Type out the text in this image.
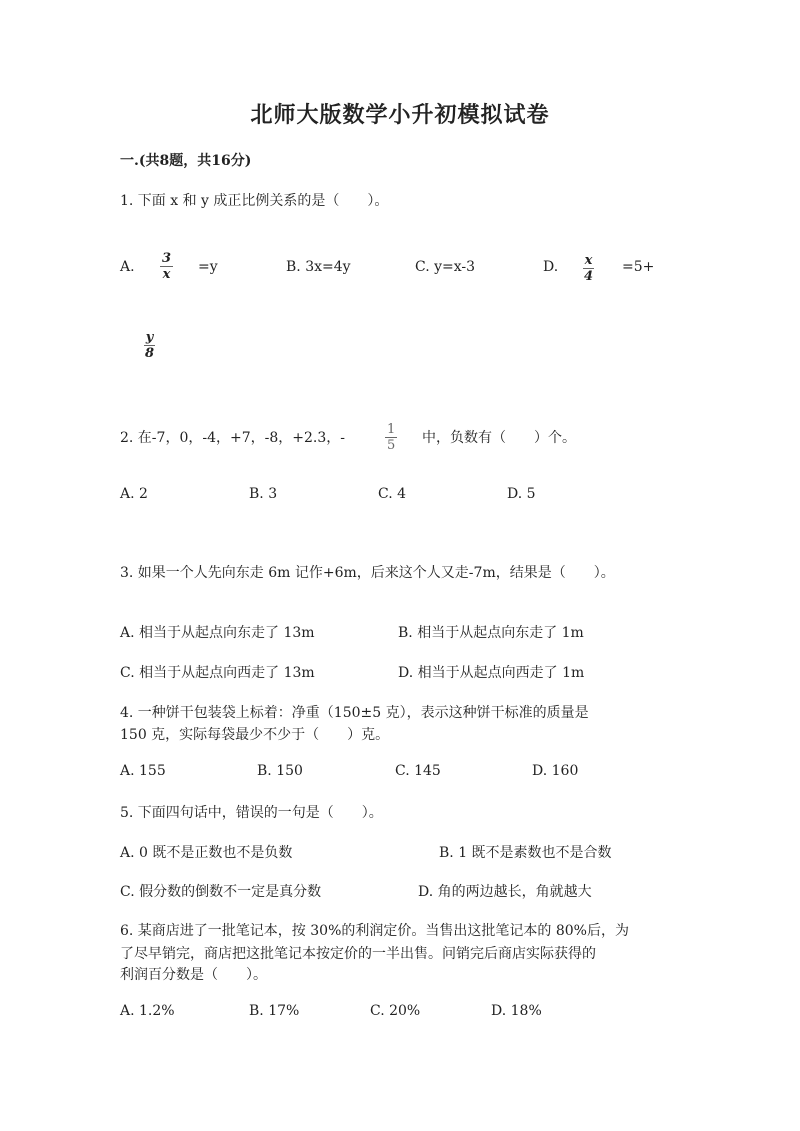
北师大版数学小升初模拟试卷
一.(共8题，共16分)
1. 下面 x 和 y 成正比例关系的是（　　）。
A. $\frac{3}{x} =y$	B. 3x=4y	C. y=x-3	D. $\frac{x}{4} =5+$
$\frac{y}{8}$
2. 在-7，0，-4，+7，-8，+2.3，-	$\frac{1}{5}$ 中，负数有（　　）个。
A. 2	B. 3	C. 4	D. 5
3. 如果一个人先向东走 6m 记作+6m，后来这个人又走-7m，结果是（　　）。
A. 相当于从起点向东走了 13m	B. 相当于从起点向东走了 1m
C. 相当于从起点向西走了 13m	D. 相当于从起点向西走了 1m
4. 一种饼干包装袋上标着：净重（150±5 克），表示这种饼干标准的质量是
150 克，实际每袋最少不少于（　　）克。
A. 155	B. 150	C. 145	D. 160
5. 下面四句话中，错误的一句是（　　）。
A. 0 既不是正数也不是负数	B. 1 既不是素数也不是合数
C. 假分数的倒数不一定是真分数	D. 角的两边越长，角就越大
6. 某商店进了一批笔记本，按 30%的利润定价。当售出这批笔记本的 80%后，为
了尽早销完，商店把这批笔记本按定价的一半出售。问销完后商店实际获得的
利润百分数是（　　）。
A. 1.2%	B. 17%	C. 20%	D. 18%
